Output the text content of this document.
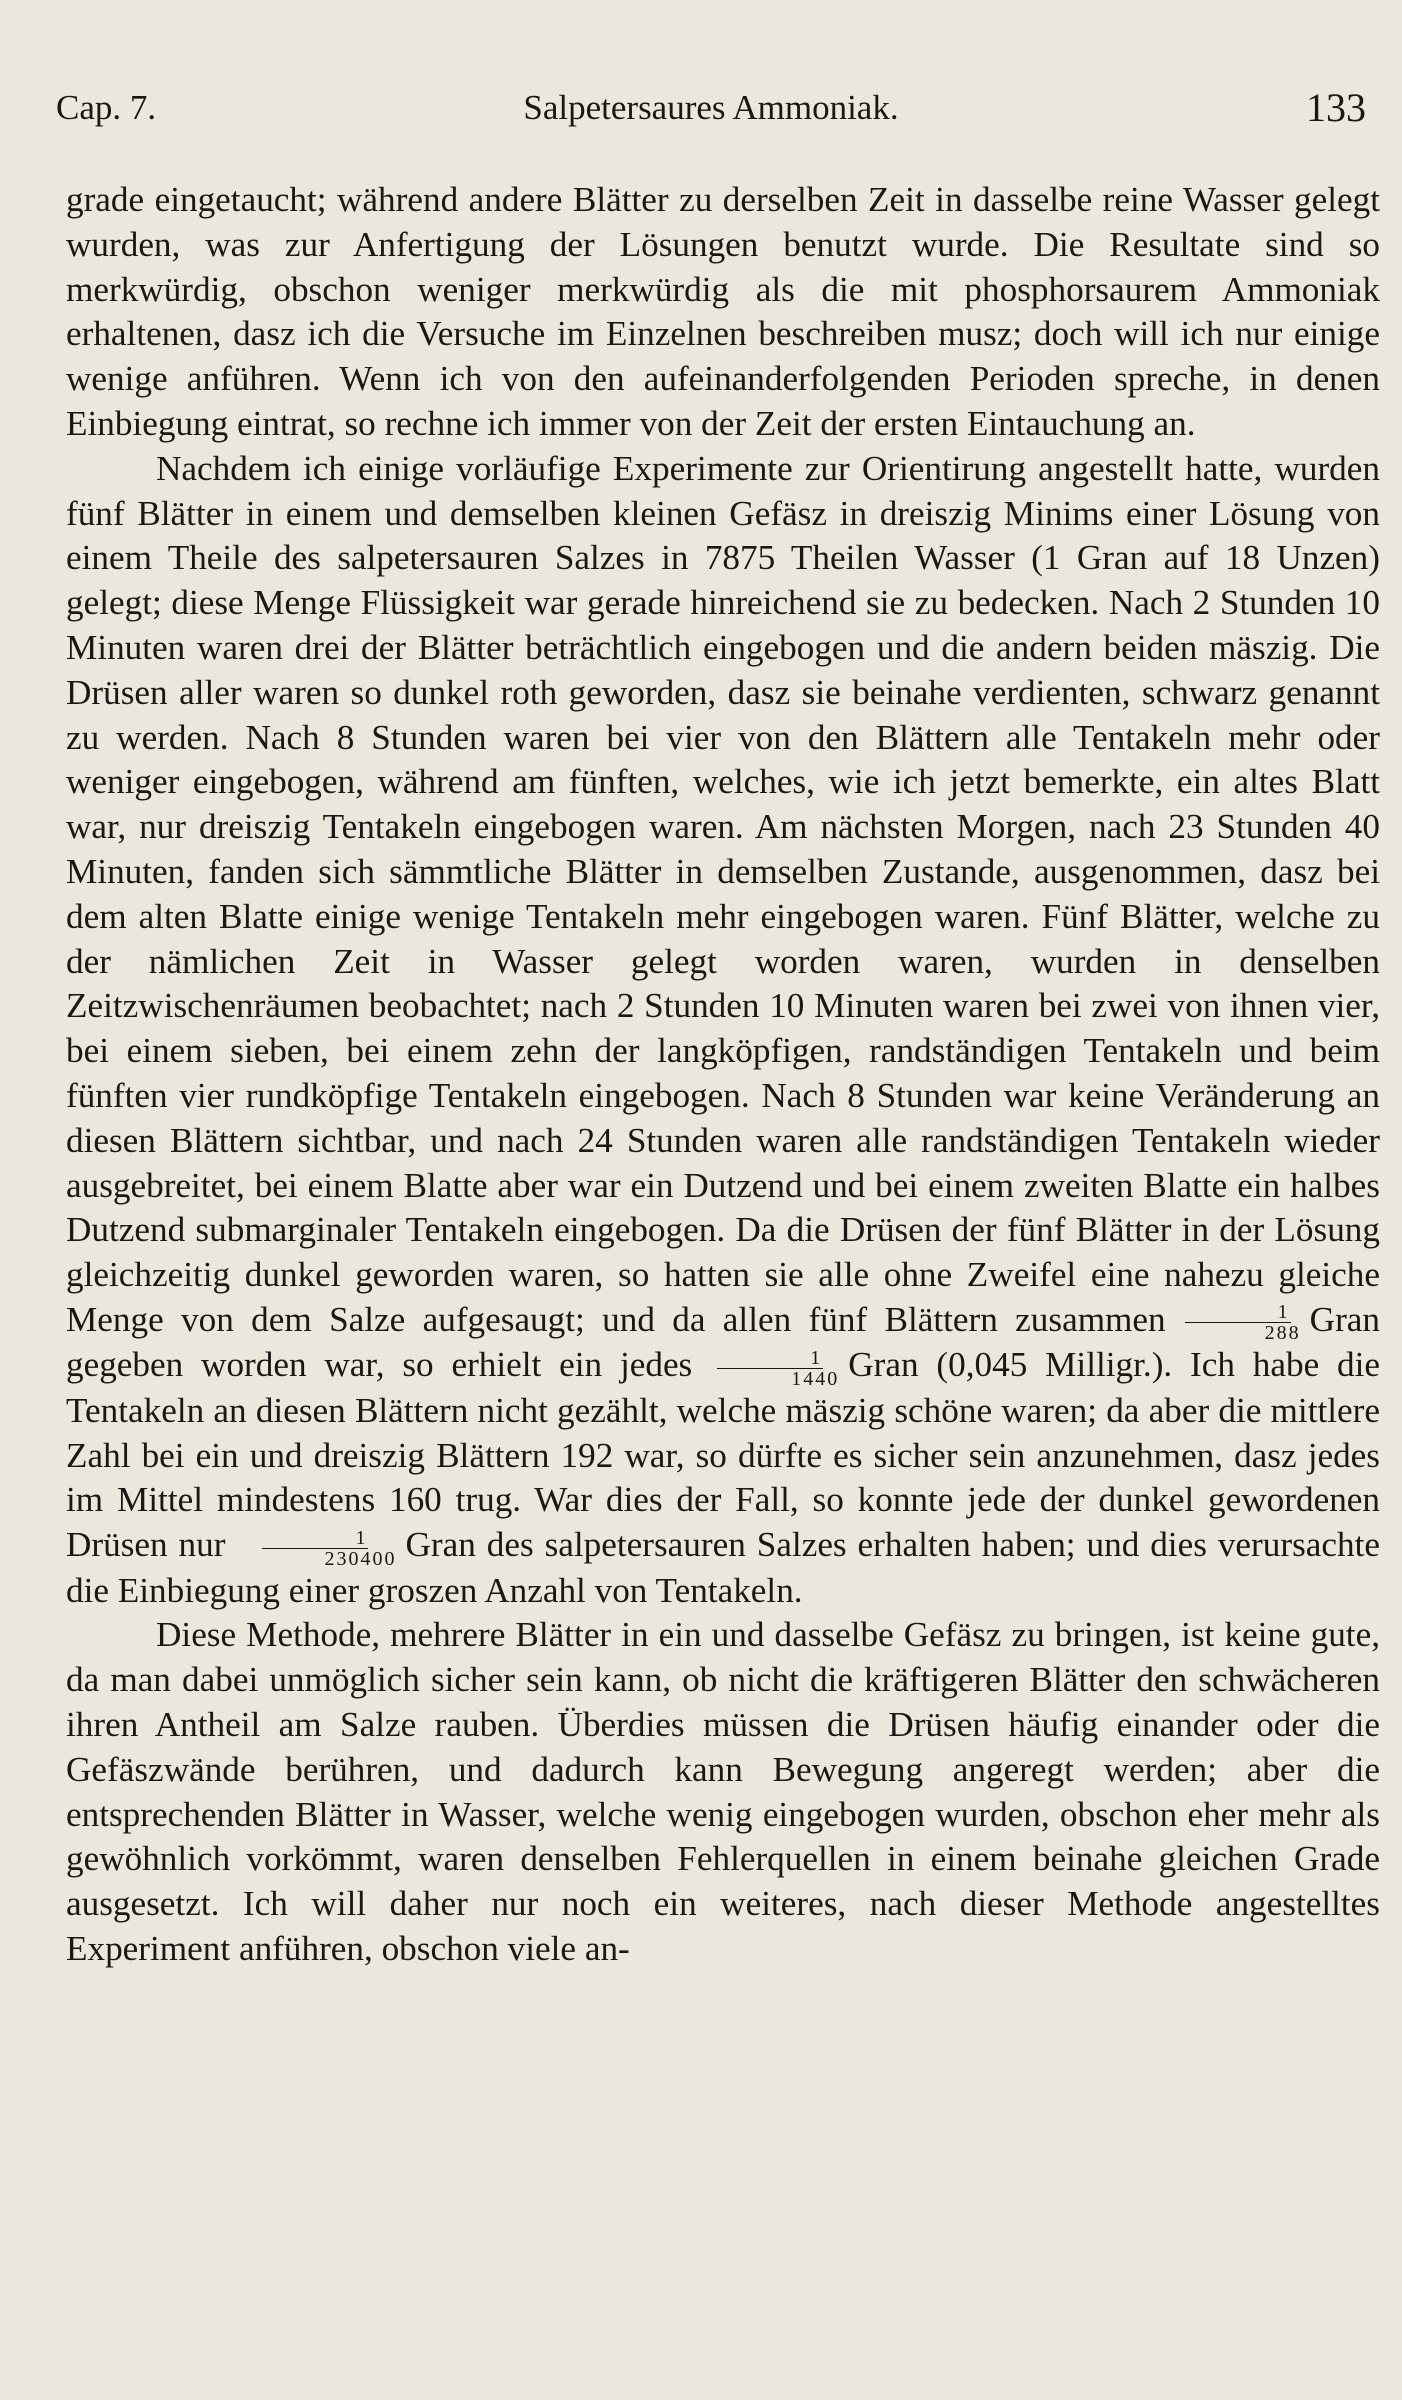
Cap. 7.	Salpetersaures Ammoniak.	133

grade eingetaucht; während andere Blätter zu derselben Zeit in dasselbe reine Wasser gelegt wurden, was zur Anfertigung der Lösungen benutzt wurde. Die Resultate sind so merkwürdig, obschon weniger merkwürdig als die mit phosphorsaurem Ammoniak erhaltenen, dasz ich die Versuche im Einzelnen beschreiben musz; doch will ich nur einige wenige anführen. Wenn ich von den aufeinanderfolgenden Perioden spreche, in denen Einbiegung eintrat, so rechne ich immer von der Zeit der ersten Eintauchung an.

Nachdem ich einige vorläufige Experimente zur Orientirung angestellt hatte, wurden fünf Blätter in einem und demselben kleinen Gefäsz in dreiszig Minims einer Lösung von einem Theile des salpetersauren Salzes in 7875 Theilen Wasser (1 Gran auf 18 Unzen) gelegt; diese Menge Flüssigkeit war gerade hinreichend sie zu bedecken. Nach 2 Stunden 10 Minuten waren drei der Blätter beträchtlich eingebogen und die andern beiden mäszig. Die Drüsen aller waren so dunkel roth geworden, dasz sie beinahe verdienten, schwarz genannt zu werden. Nach 8 Stunden waren bei vier von den Blättern alle Tentakeln mehr oder weniger eingebogen, während am fünften, welches, wie ich jetzt bemerkte, ein altes Blatt war, nur dreiszig Tentakeln eingebogen waren. Am nächsten Morgen, nach 23 Stunden 40 Minuten, fanden sich sämmtliche Blätter in demselben Zustande, ausgenommen, dasz bei dem alten Blatte einige wenige Tentakeln mehr eingebogen waren. Fünf Blätter, welche zu der nämlichen Zeit in Wasser gelegt worden waren, wurden in denselben Zeitzwischenräumen beobachtet; nach 2 Stunden 10 Minuten waren bei zwei von ihnen vier, bei einem sieben, bei einem zehn der langköpfigen, randständigen Tentakeln und beim fünften vier rundköpfige Tentakeln eingebogen. Nach 8 Stunden war keine Veränderung an diesen Blättern sichtbar, und nach 24 Stunden waren alle randständigen Tentakeln wieder ausgebreitet, bei einem Blatte aber war ein Dutzend und bei einem zweiten Blatte ein halbes Dutzend submarginaler Tentakeln eingebogen. Da die Drüsen der fünf Blätter in der Lösung gleichzeitig dunkel geworden waren, so hatten sie alle ohne Zweifel eine nahezu gleiche Menge von dem Salze aufgesaugt; und da allen fünf Blättern zusammen $\frac{1}{288}$ Gran gegeben worden war, so erhielt ein jedes $\frac{1}{1440}$ Gran (0,045 Milligr.). Ich habe die Tentakeln an diesen Blättern nicht gezählt, welche mäszig schöne waren; da aber die mittlere Zahl bei ein und dreiszig Blättern 192 war, so dürfte es sicher sein anzunehmen, dasz jedes im Mittel mindestens 160 trug. War dies der Fall, so konnte jede der dunkel gewordenen Drüsen nur $\frac{1}{230400}$ Gran des salpetersauren Salzes erhalten haben; und dies verursachte die Einbiegung einer groszen Anzahl von Tentakeln.

Diese Methode, mehrere Blätter in ein und dasselbe Gefäsz zu bringen, ist keine gute, da man dabei unmöglich sicher sein kann, ob nicht die kräftigeren Blätter den schwächeren ihren Antheil am Salze rauben. Überdies müssen die Drüsen häufig einander oder die Gefäszwände berühren, und dadurch kann Bewegung angeregt werden; aber die entsprechenden Blätter in Wasser, welche wenig eingebogen wurden, obschon eher mehr als gewöhnlich vorkömmt, waren denselben Fehlerquellen in einem beinahe gleichen Grade ausgesetzt. Ich will daher nur noch ein weiteres, nach dieser Methode angestelltes Experiment anführen, obschon viele an-
